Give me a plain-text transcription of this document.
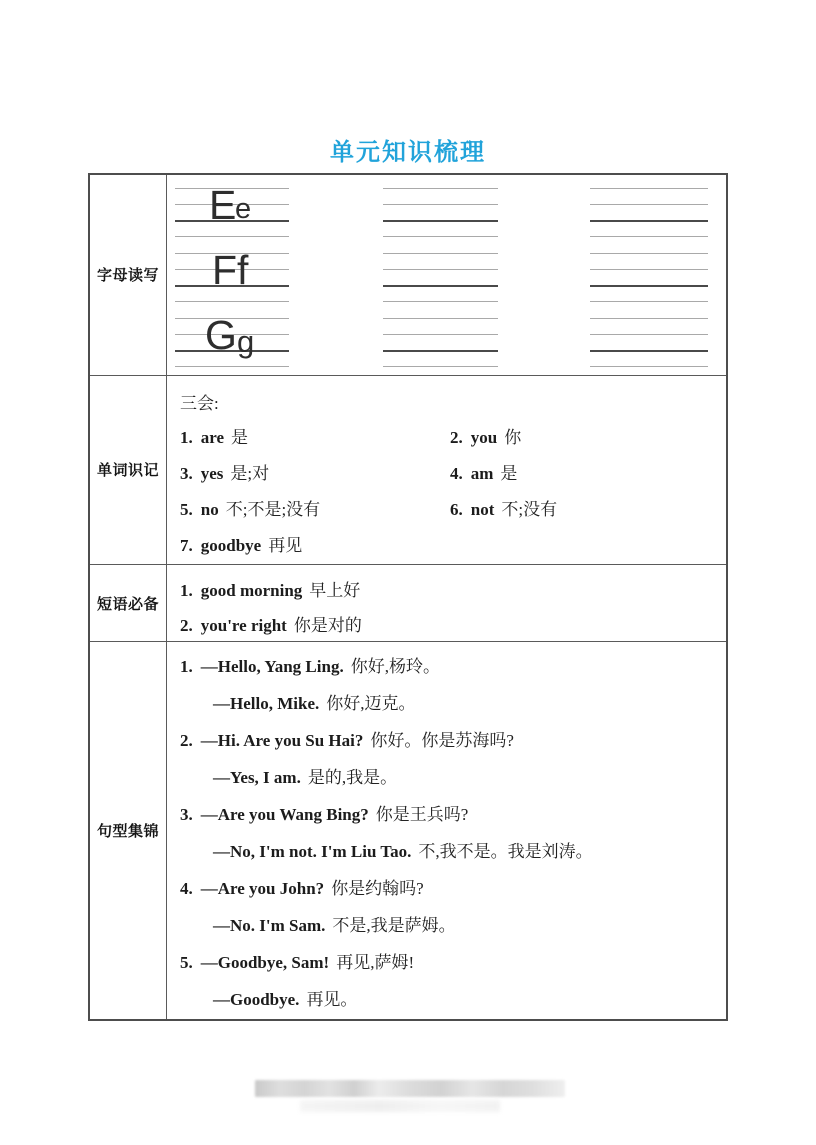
单元知识梳理
字母读写
E
e
F f
G g
单词识记
三会:
1. are 是	2. you 你
3. yes 是;对	4. am 是
5. no 不;不是;没有	6. not 不;没有
7. goodbye 再见
短语必备
1. good morning 早上好
2. you're right 你是对的
句型集锦
1. —Hello, Yang Ling. 你好,杨玲。
—Hello, Mike. 你好,迈克。
2. —Hi. Are you Su Hai? 你好。你是苏海吗?
—Yes, I am. 是的,我是。
3. —Are you Wang Bing? 你是王兵吗?
—No, I'm not. I'm Liu Tao. 不,我不是。我是刘涛。
4. —Are you John? 你是约翰吗?
—No. I'm Sam. 不是,我是萨姆。
5. —Goodbye, Sam! 再见,萨姆!
—Goodbye. 再见。
